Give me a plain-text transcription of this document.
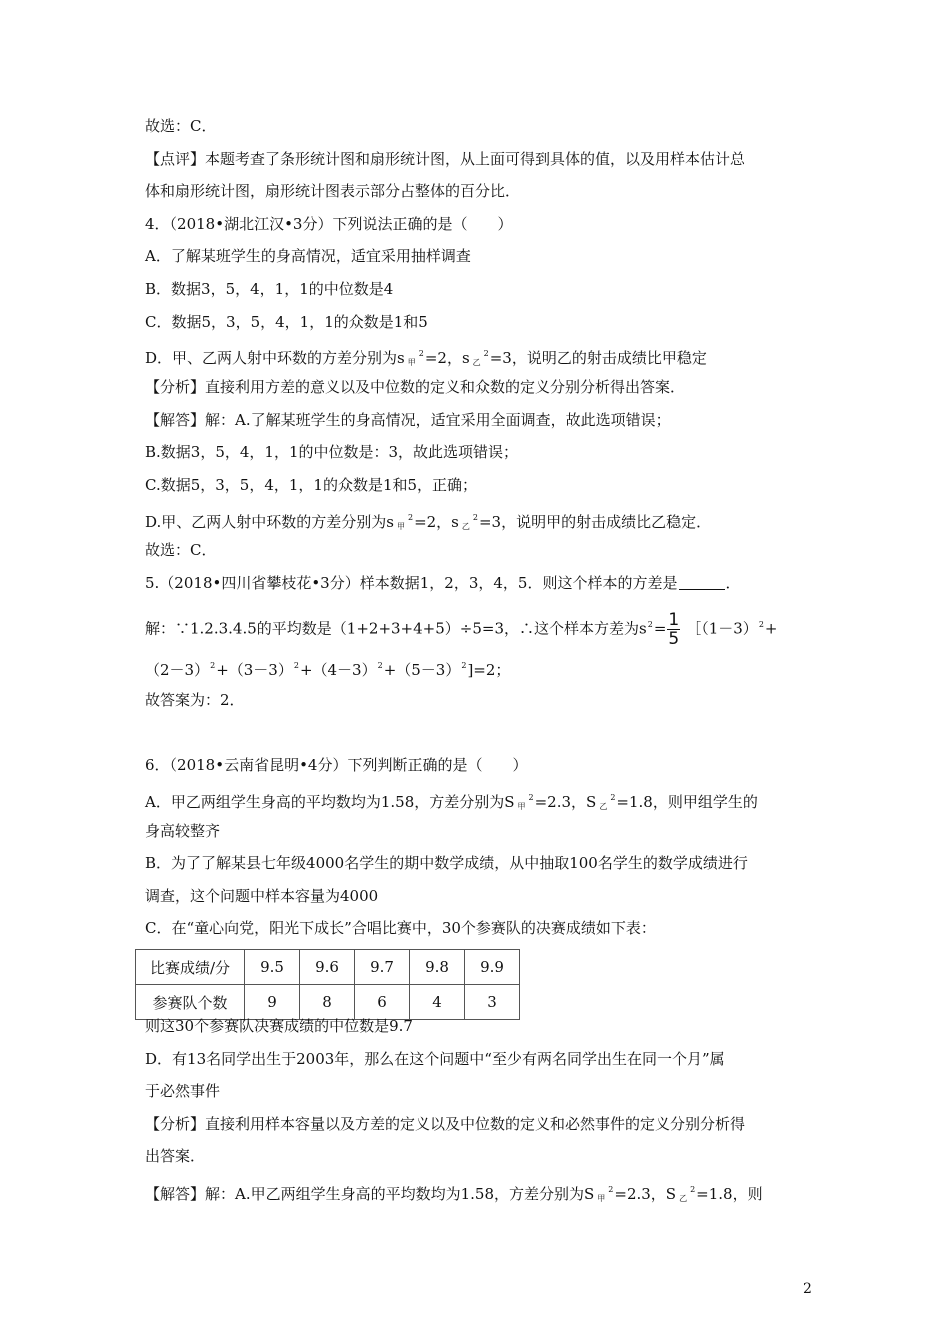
故选：C．
【点评】本题考查了条形统计图和扇形统计图，从上面可得到具体的值，以及用样本估计总
体和扇形统计图，扇形统计图表示部分占整体的百分比．
4．（2018•湖北江汉•3分）下列说法正确的是（　　）
A．了解某班学生的身高情况，适宜采用抽样调查
B．数据3，5，4，1，1的中位数是4
C．数据5，3，5，4，1，1的众数是1和5
D．甲、乙两人射中环数的方差分别为s $_甲^2$=2，s $_乙^2$=3，说明乙的射击成绩比甲稳定
【分析】直接利用方差的意义以及中位数的定义和众数的定义分别分析得出答案．
【解答】解：A.了解某班学生的身高情况，适宜采用全面调查，故此选项错误；
B.数据3，5，4，1，1的中位数是：3，故此选项错误；
C.数据5，3，5，4，1，1的众数是1和5，正确；
D.甲、乙两人射中环数的方差分别为s $_甲^2$=2，s $_乙^2$=3，说明甲的射击成绩比乙稳定．
故选：C．
5.（2018•四川省攀枝花•3分）样本数据1，2，3，4，5．则这个样本的方差是	．
解：∵1.2.3.4.5的平均数是（1+2+3+4+5）÷5=3，∴这个样本方差为$s^2= \frac{1}{5}$ $[(1-3)^2+$
$(2-3)^2+(3-3)^2+(4-3)^2+(5-3)^2]=2$；
故答案为：2．
6．（2018•云南省昆明•4分）下列判断正确的是（　　）
A．甲乙两组学生身高的平均数均为1.58，方差分别为S $_甲^2$=2.3，S $_乙^2$=1.8，则甲组学生的
身高较整齐
B．为了了解某县七年级4000名学生的期中数学成绩，从中抽取100名学生的数学成绩进行
调查，这个问题中样本容量为4000
C．在“童心向党，阳光下成长”合唱比赛中，30个参赛队的决赛成绩如下表：
比赛成绩/分	9.5	9.6	9.7	9.8	9.9
参赛队个数	9	8	6	4	3
则这30个参赛队决赛成绩的中位数是9.7
D．有13名同学出生于2003年，那么在这个问题中“至少有两名同学出生在同一个月”属
于必然事件
【分析】直接利用样本容量以及方差的定义以及中位数的定义和必然事件的定义分别分析得
出答案．
【解答】解：A.甲乙两组学生身高的平均数均为1.58，方差分别为S $_甲^2$=2.3，S $_乙^2$=1.8，则
2
